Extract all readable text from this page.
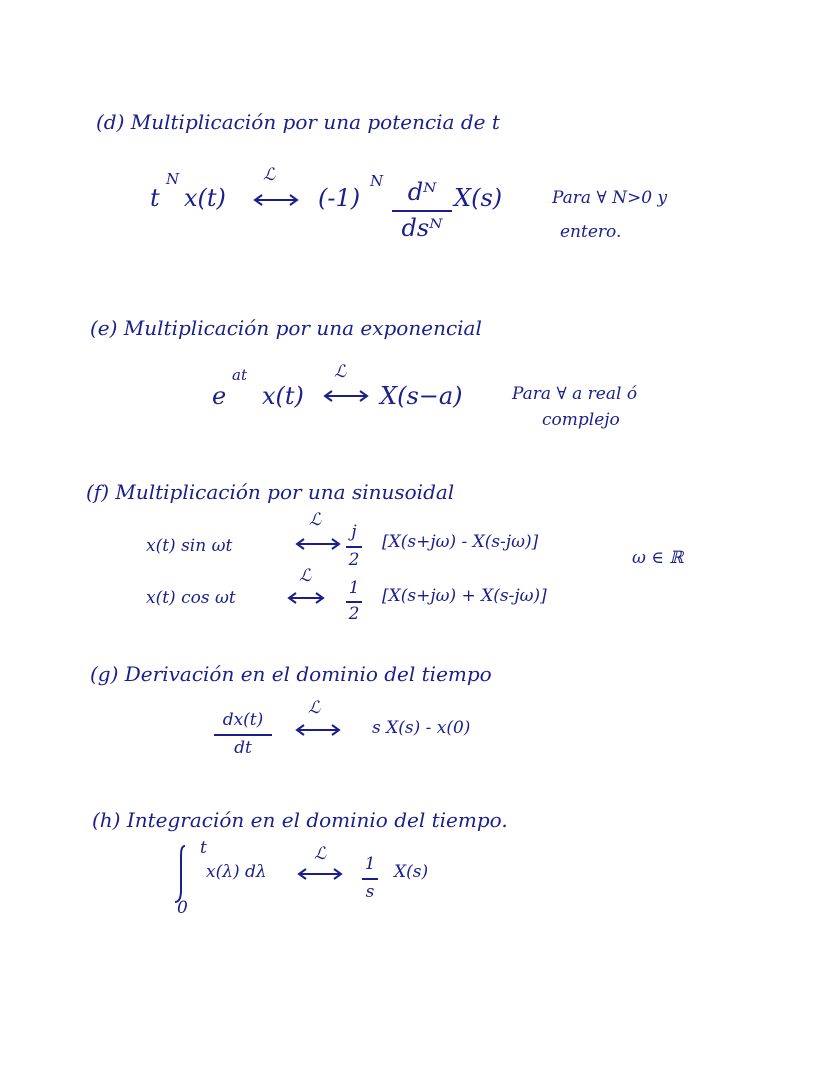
(d) Multiplicación por una potencia de t
t
N
x(t)
ℒ
(-1)
N	dᴺ
dsᴺ
X(s)	Para ∀ N>0 y
entero.
(e) Multiplicación por una exponencial
e
at
x(t)
ℒ
X(s−a)	Para ∀ a real ó
complejo
(f) Multiplicación por una sinusoidal
x(t) sin ωt
ℒ
j
2
[X(s+jω) - X(s-jω)]
x(t) cos ωt
ℒ
1
2
[X(s+jω) + X(s-jω)]
ω ∈ ℝ
(g) Derivación en el dominio del tiempo
dx(t)
dt
ℒ
s X(s) - x(0)
(h) Integración en el dominio del tiempo.
t
0
x(λ) dλ
ℒ 1
s
X(s)
